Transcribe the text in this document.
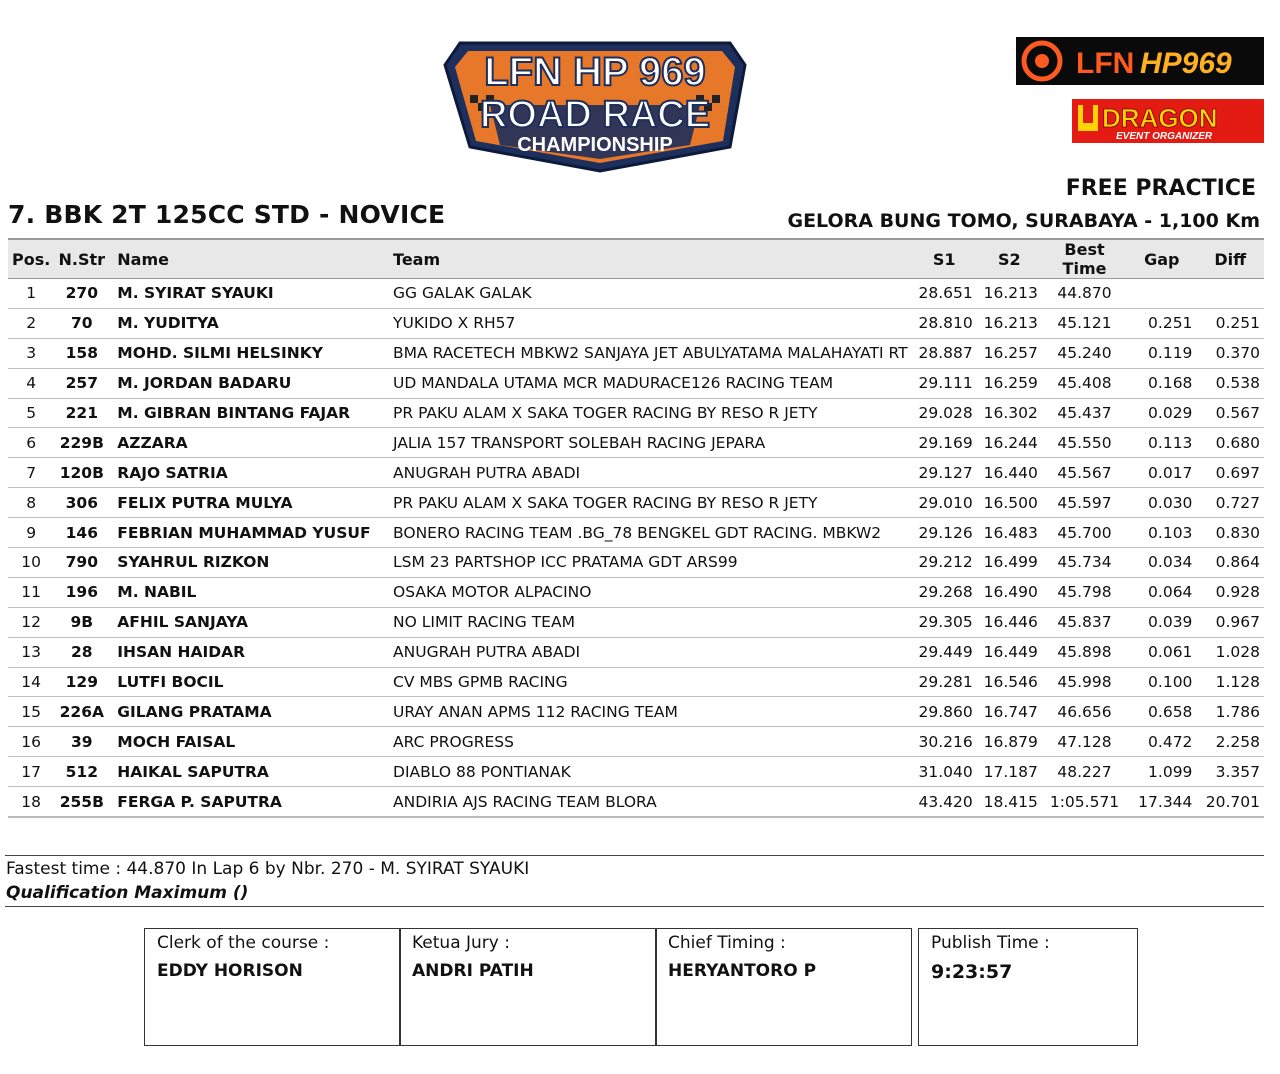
LFN HP 969
ROAD RACE
CHAMPIONSHIP
LFN HP969
DRAGON
EVENT ORGANIZER
FREE PRACTICE
7. BBK 2T 125CC STD - NOVICE	GELORA BUNG TOMO, SURABAYA - 1,100 Km
Pos.	N.Str	Name	Team	S1	S2	Best Time	Gap	Diff
1	270	M. SYIRAT SYAUKI	GG GALAK GALAK	28.651	16.213	44.870		
2	70	M. YUDITYA	YUKIDO X RH57	28.810	16.213	45.121	0.251	0.251
3	158	MOHD. SILMI HELSINKY	BMA RACETECH MBKW2 SANJAYA JET ABULYATAMA MALAHAYATI RT	28.887	16.257	45.240	0.119	0.370
4	257	M. JORDAN BADARU	UD MANDALA UTAMA MCR MADURACE126 RACING TEAM	29.111	16.259	45.408	0.168	0.538
5	221	M. GIBRAN BINTANG FAJAR	PR PAKU ALAM X SAKA TOGER RACING BY RESO R JETY	29.028	16.302	45.437	0.029	0.567
6	229B	AZZARA	JALIA 157 TRANSPORT SOLEBAH RACING JEPARA	29.169	16.244	45.550	0.113	0.680
7	120B	RAJO SATRIA	ANUGRAH PUTRA ABADI	29.127	16.440	45.567	0.017	0.697
8	306	FELIX PUTRA MULYA	PR PAKU ALAM X SAKA TOGER RACING BY RESO R JETY	29.010	16.500	45.597	0.030	0.727
9	146	FEBRIAN MUHAMMAD YUSUF	BONERO RACING TEAM .BG_78 BENGKEL GDT RACING. MBKW2	29.126	16.483	45.700	0.103	0.830
10	790	SYAHRUL RIZKON	LSM 23 PARTSHOP ICC PRATAMA GDT ARS99	29.212	16.499	45.734	0.034	0.864
11	196	M. NABIL	OSAKA MOTOR ALPACINO	29.268	16.490	45.798	0.064	0.928
12	9B	AFHIL SANJAYA	NO LIMIT RACING TEAM	29.305	16.446	45.837	0.039	0.967
13	28	IHSAN HAIDAR	ANUGRAH PUTRA ABADI	29.449	16.449	45.898	0.061	1.028
14	129	LUTFI BOCIL	CV MBS GPMB RACING	29.281	16.546	45.998	0.100	1.128
15	226A	GILANG PRATAMA	URAY ANAN APMS 112 RACING TEAM	29.860	16.747	46.656	0.658	1.786
16	39	MOCH FAISAL	ARC PROGRESS	30.216	16.879	47.128	0.472	2.258
17	512	HAIKAL SAPUTRA	DIABLO 88 PONTIANAK	31.040	17.187	48.227	1.099	3.357
18	255B	FERGA P. SAPUTRA	ANDIRIA AJS RACING TEAM BLORA	43.420	18.415	1:05.571	17.344	20.701
Fastest time : 44.870 In Lap 6 by Nbr. 270 - M. SYIRAT SYAUKI
Qualification Maximum ()
Clerk of the course :
EDDY HORISON
Ketua Jury :
ANDRI PATIH
Chief Timing :
HERYANTORO P
Publish Time :
9:23:57
